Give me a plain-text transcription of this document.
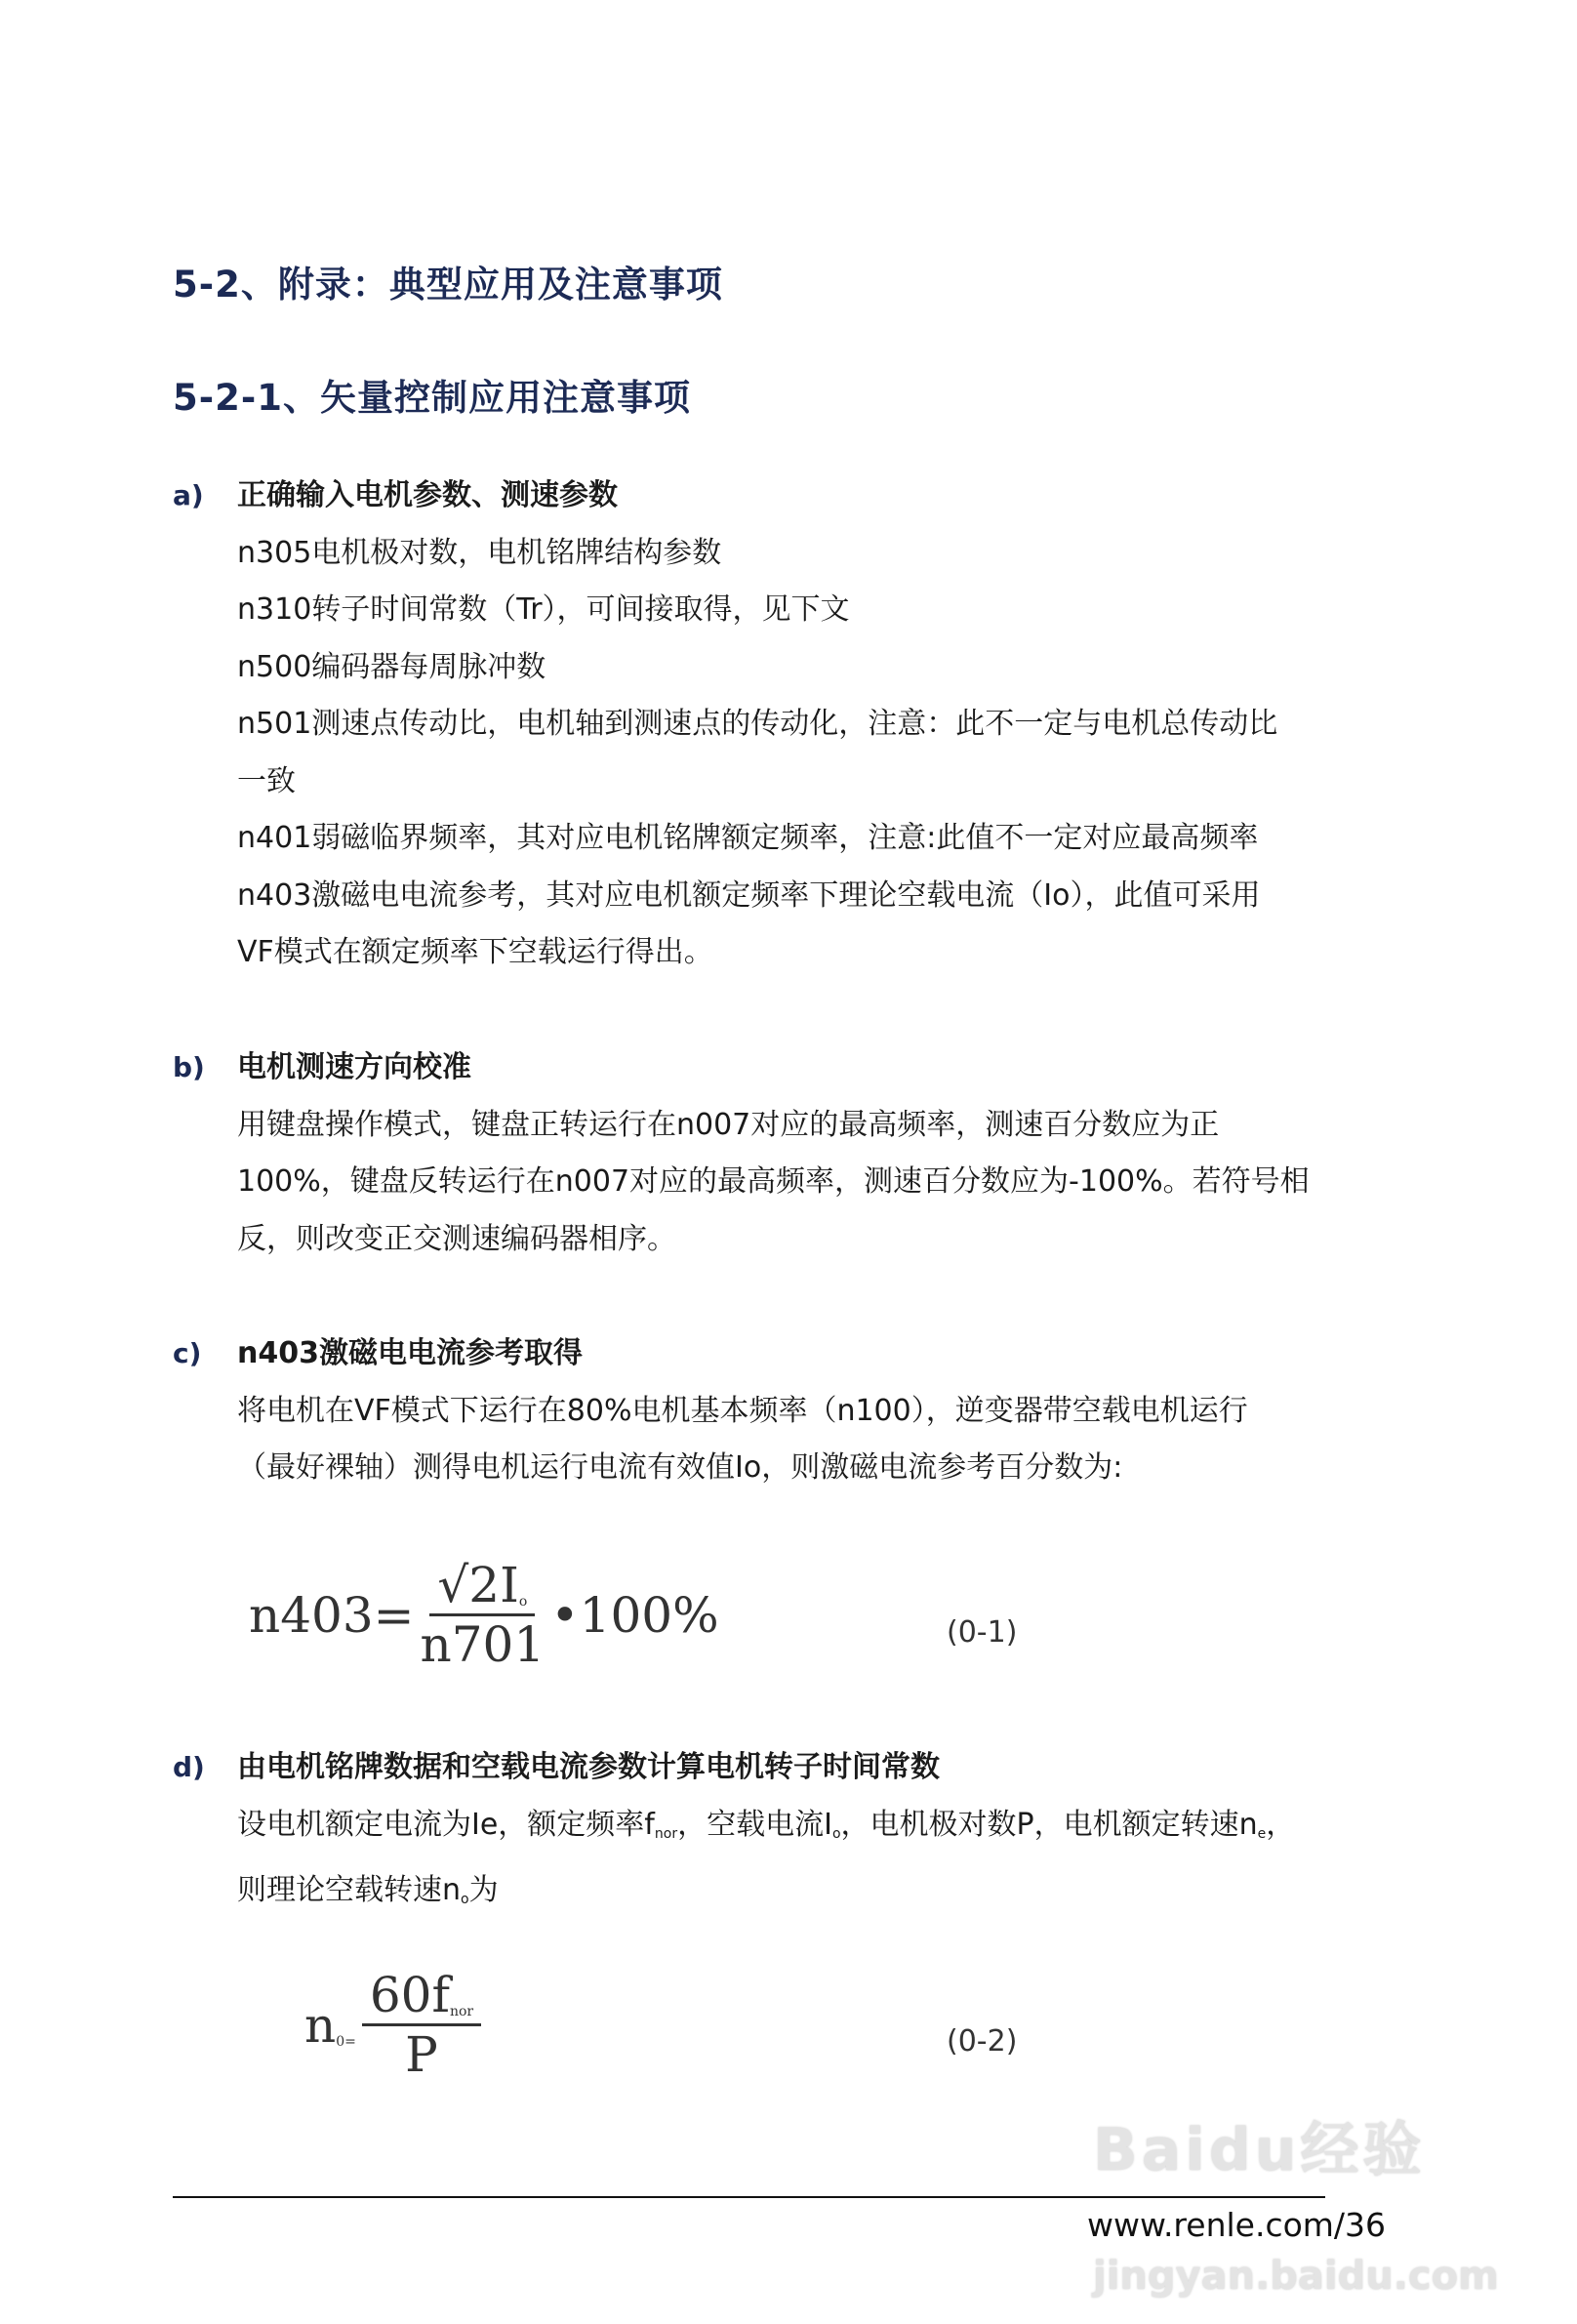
5-2、附录：典型应用及注意事项
5-2-1、矢量控制应用注意事项
a) 正确输入电机参数、测速参数
n305电机极对数，电机铭牌结构参数
n310转子时间常数（Tr），可间接取得，见下文
n500编码器每周脉冲数
n501测速点传动比，电机轴到测速点的传动化，注意：此不一定与电机总传动比
一致
n401弱磁临界频率，其对应电机铭牌额定频率，注意:此值不一定对应最高频率
n403激磁电电流参考，其对应电机额定频率下理论空载电流（Io），此值可采用
VF模式在额定频率下空载运行得出。
b) 电机测速方向校准
用键盘操作模式，键盘正转运行在n007对应的最高频率，测速百分数应为正
100%，键盘反转运行在n007对应的最高频率，测速百分数应为-100%。若符号相
反，则改变正交测速编码器相序。
c) n403激磁电电流参考取得
将电机在VF模式下运行在80%电机基本频率（n100），逆变器带空载电机运行
（最好裸轴）测得电机运行电流有效值Io，则激磁电流参考百分数为:
$n403= \frac{√2I_o}{n701}$ •100%	(0-1)
d) 由电机铭牌数据和空载电流参数计算电机转子时间常数
设电机额定电流为Ie，额定频率$f_{nor}$，空载电流$I_o$，电机极对数P，电机额定转速$n_e$，
则理论空载转速$n_o$为
$n_{0=} \frac{60f_{nor}}{P}$	(0-2)
Baidu经验
www.renle.com/36
jingyan.baidu.com
